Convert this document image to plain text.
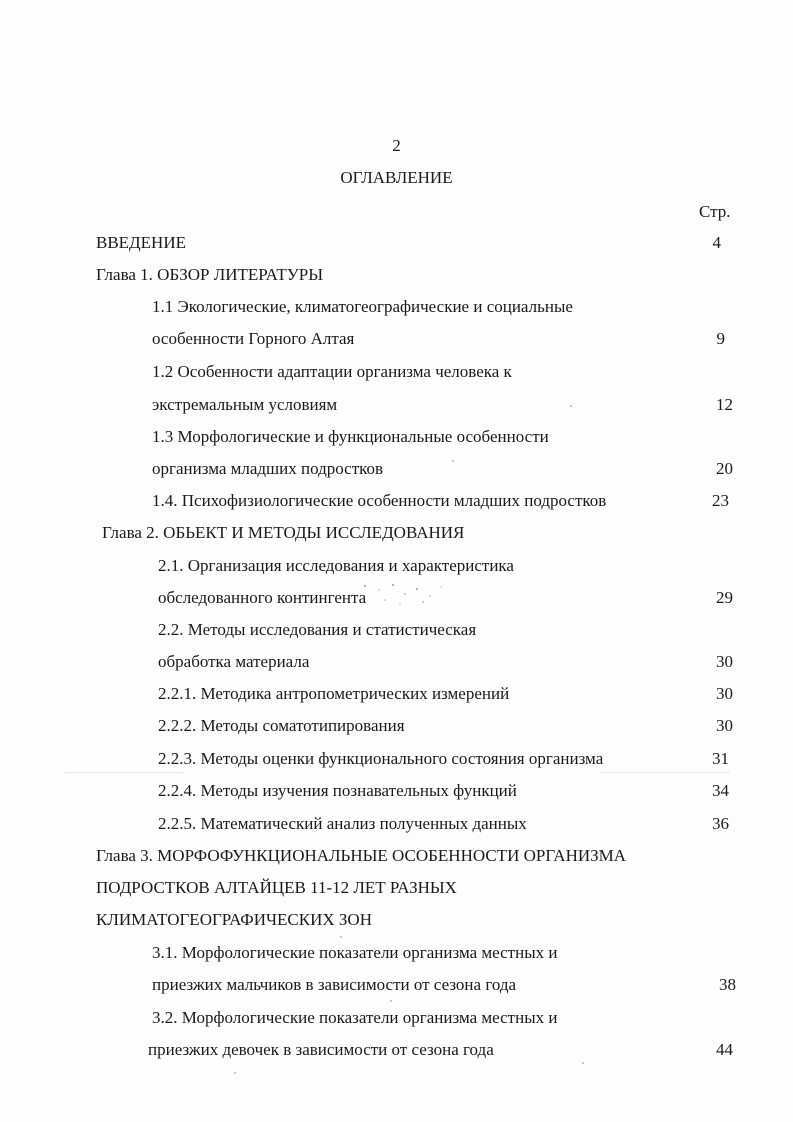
2
ОГЛАВЛЕНИЕ
Стр.
ВВЕДЕНИЕ	4
Глава 1. ОБЗОР ЛИТЕРАТУРЫ
1.1 Экологические, климатогеографические и социальные
особенности Горного Алтая	9
1.2 Особенности адаптации организма человека к
экстремальным условиям	12
1.3 Морфологические и функциональные особенности
организма младших подростков	20
1.4. Психофизиологические особенности младших подростков	23
Глава 2. ОБЬЕКТ И МЕТОДЫ ИССЛЕДОВАНИЯ
2.1. Организация исследования и характеристика
обследованного контингента	29
2.2. Методы исследования и статистическая
обработка материала	30
2.2.1. Методика антропометрических измерений	30
2.2.2. Методы соматотипирования	30
2.2.3. Методы оценки функционального состояния организма	31
2.2.4. Методы изучения познавательных функций	34
2.2.5. Математический анализ полученных данных	36
Глава 3. МОРФОФУНКЦИОНАЛЬНЫЕ ОСОБЕННОСТИ ОРГАНИЗМА
ПОДРОСТКОВ АЛТАЙЦЕВ 11-12 ЛЕТ РАЗНЫХ
КЛИМАТОГЕОГРАФИЧЕСКИХ ЗОН
3.1. Морфологические показатели организма местных и
приезжих мальчиков в зависимости от сезона года	38
3.2. Морфологические показатели организма местных и
приезжих девочек в зависимости от сезона года	44
